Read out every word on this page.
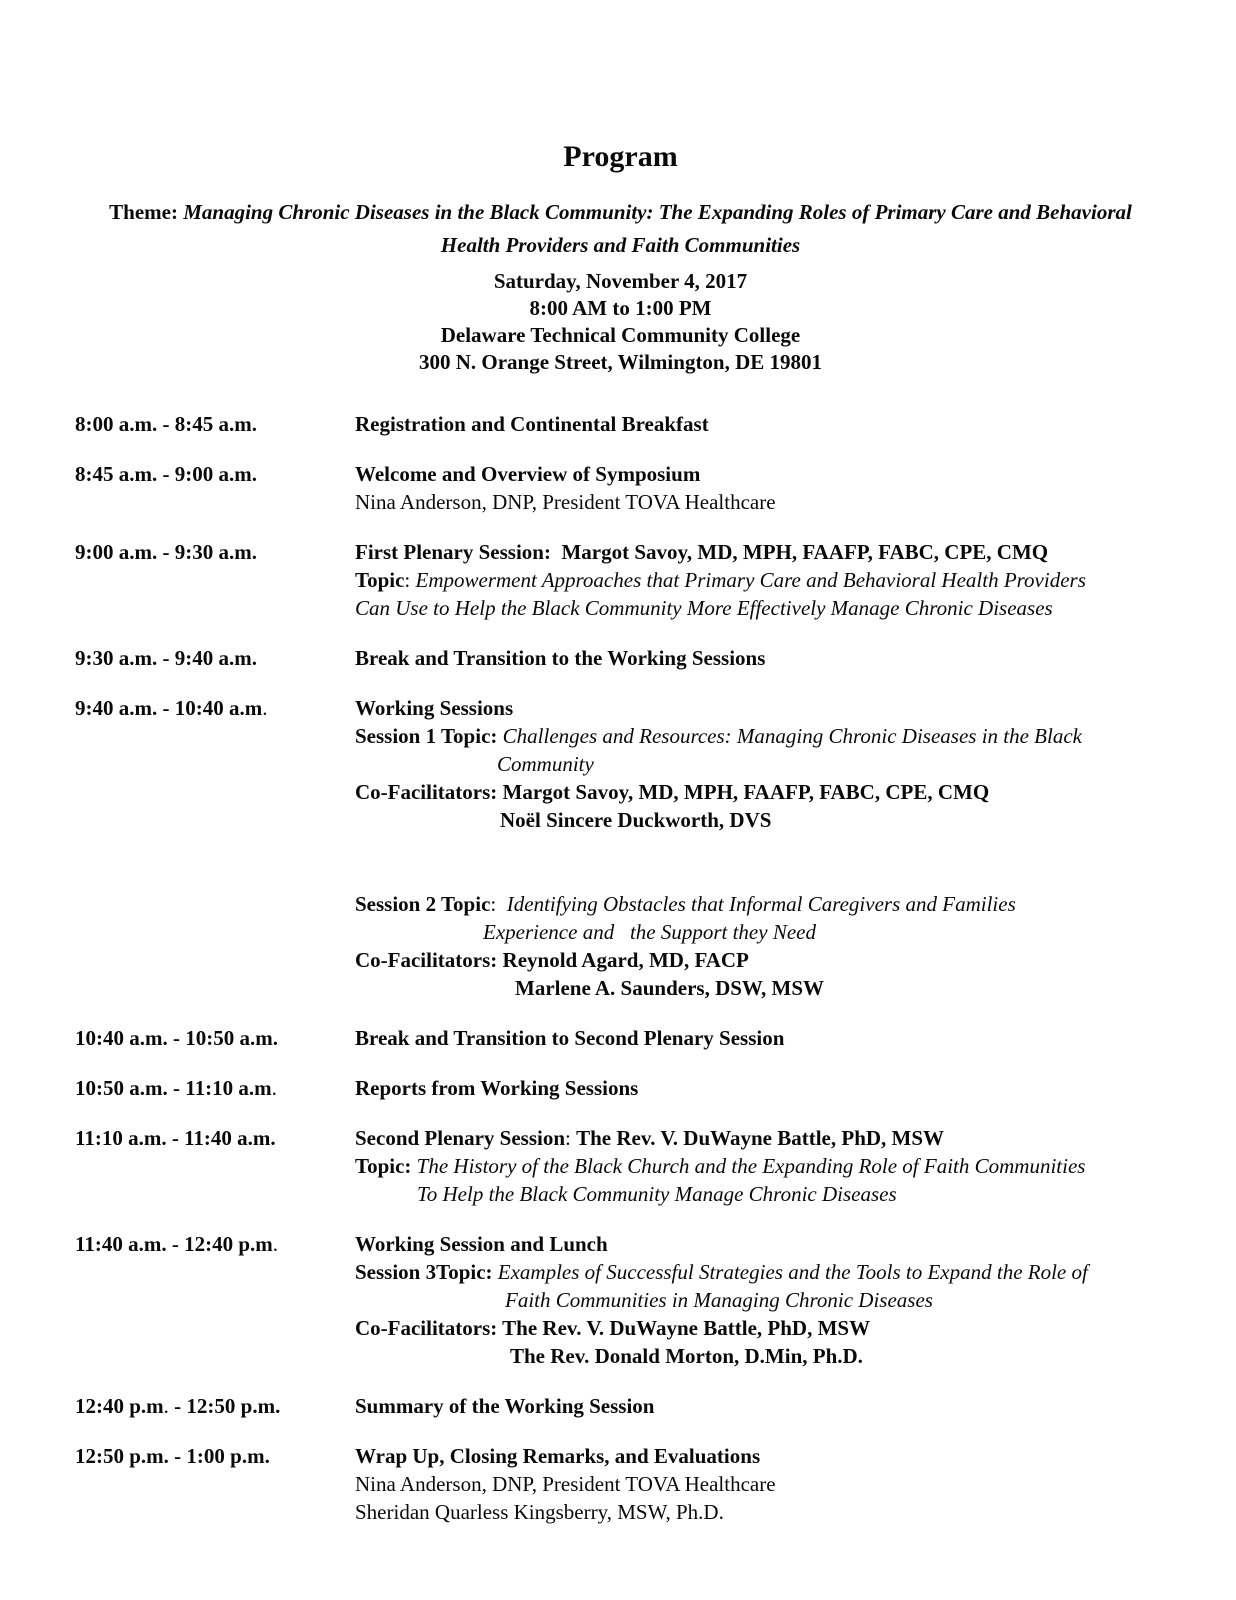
Program
Theme: Managing Chronic Diseases in the Black Community: The Expanding Roles of Primary Care and Behavioral
Health Providers and Faith Communities
Saturday, November 4, 2017
8:00 AM to 1:00 PM
Delaware Technical Community College
300 N. Orange Street, Wilmington, DE 19801
8:00 a.m. - 8:45 a.m.	Registration and Continental Breakfast
8:45 a.m. - 9:00 a.m.	Welcome and Overview of Symposium
Nina Anderson, DNP, President TOVA Healthcare
9:00 a.m. - 9:30 a.m.	First Plenary Session:  Margot Savoy, MD, MPH, FAAFP, FABC, CPE, CMQ
Topic: Empowerment Approaches that Primary Care and Behavioral Health Providers
Can Use to Help the Black Community More Effectively Manage Chronic Diseases
9:30 a.m. - 9:40 a.m.	Break and Transition to the Working Sessions
9:40 a.m. - 10:40 a.m.	Working Sessions
Session 1 Topic: Challenges and Resources: Managing Chronic Diseases in the Black
Community
Co-Facilitators: Margot Savoy, MD, MPH, FAAFP, FABC, CPE, CMQ
Noël Sincere Duckworth, DVS
Session 2 Topic:  Identifying Obstacles that Informal Caregivers and Families
Experience and   the Support they Need
Co-Facilitators: Reynold Agard, MD, FACP
Marlene A. Saunders, DSW, MSW
10:40 a.m. - 10:50 a.m.	Break and Transition to Second Plenary Session
10:50 a.m. - 11:10 a.m.	Reports from Working Sessions
11:10 a.m. - 11:40 a.m.	Second Plenary Session: The Rev. V. DuWayne Battle, PhD, MSW
Topic: The History of the Black Church and the Expanding Role of Faith Communities
To Help the Black Community Manage Chronic Diseases
11:40 a.m. - 12:40 p.m.	Working Session and Lunch
Session 3Topic: Examples of Successful Strategies and the Tools to Expand the Role of
Faith Communities in Managing Chronic Diseases
Co-Facilitators: The Rev. V. DuWayne Battle, PhD, MSW
The Rev. Donald Morton, D.Min, Ph.D.
12:40 p.m. - 12:50 p.m.	Summary of the Working Session
12:50 p.m. - 1:00 p.m.	Wrap Up, Closing Remarks, and Evaluations
Nina Anderson, DNP, President TOVA Healthcare
Sheridan Quarless Kingsberry, MSW, Ph.D.
